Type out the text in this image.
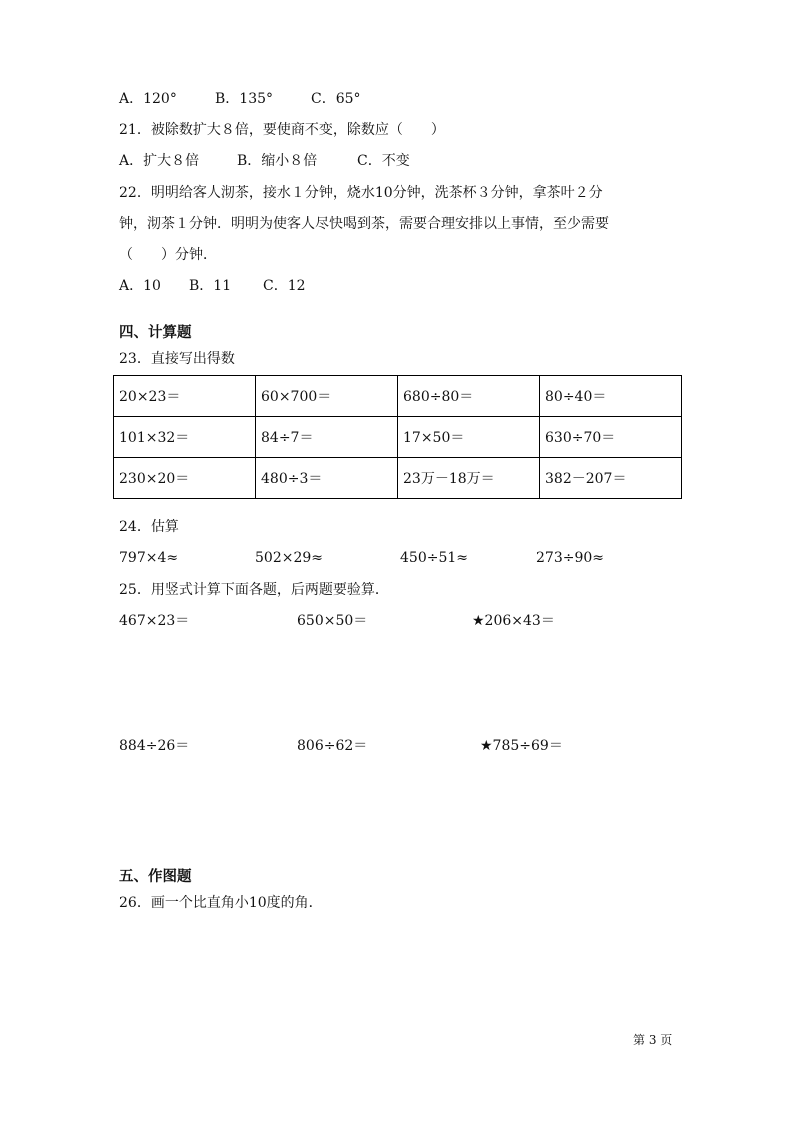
A．120°	B．135°	C．65°
21．被除数扩大８倍，要使商不变，除数应（　　）
A．扩大８倍	B．缩小８倍	C．不变
22．明明给客人沏茶，接水１分钟，烧水10分钟，洗茶杯３分钟，拿茶叶２分
钟，沏茶１分钟．明明为使客人尽快喝到茶，需要合理安排以上事情，至少需要
（　　）分钟．
A．10 B．11 C．12
四、计算题
23．直接写出得数
20×23＝	60×700＝	680÷80＝	80÷40＝
101×32＝	84÷7＝	17×50＝	630÷70＝
230×20＝	480÷3＝	23万－18万＝	382－207＝
24．估算
797×4≈	502×29≈	450÷51≈	273÷90≈
25．用竖式计算下面各题，后两题要验算．
467×23＝	650×50＝	★206×43＝
884÷26＝	806÷62＝	★785÷69＝
五、作图题
26．画一个比直角小10度的角．
第 3 页
